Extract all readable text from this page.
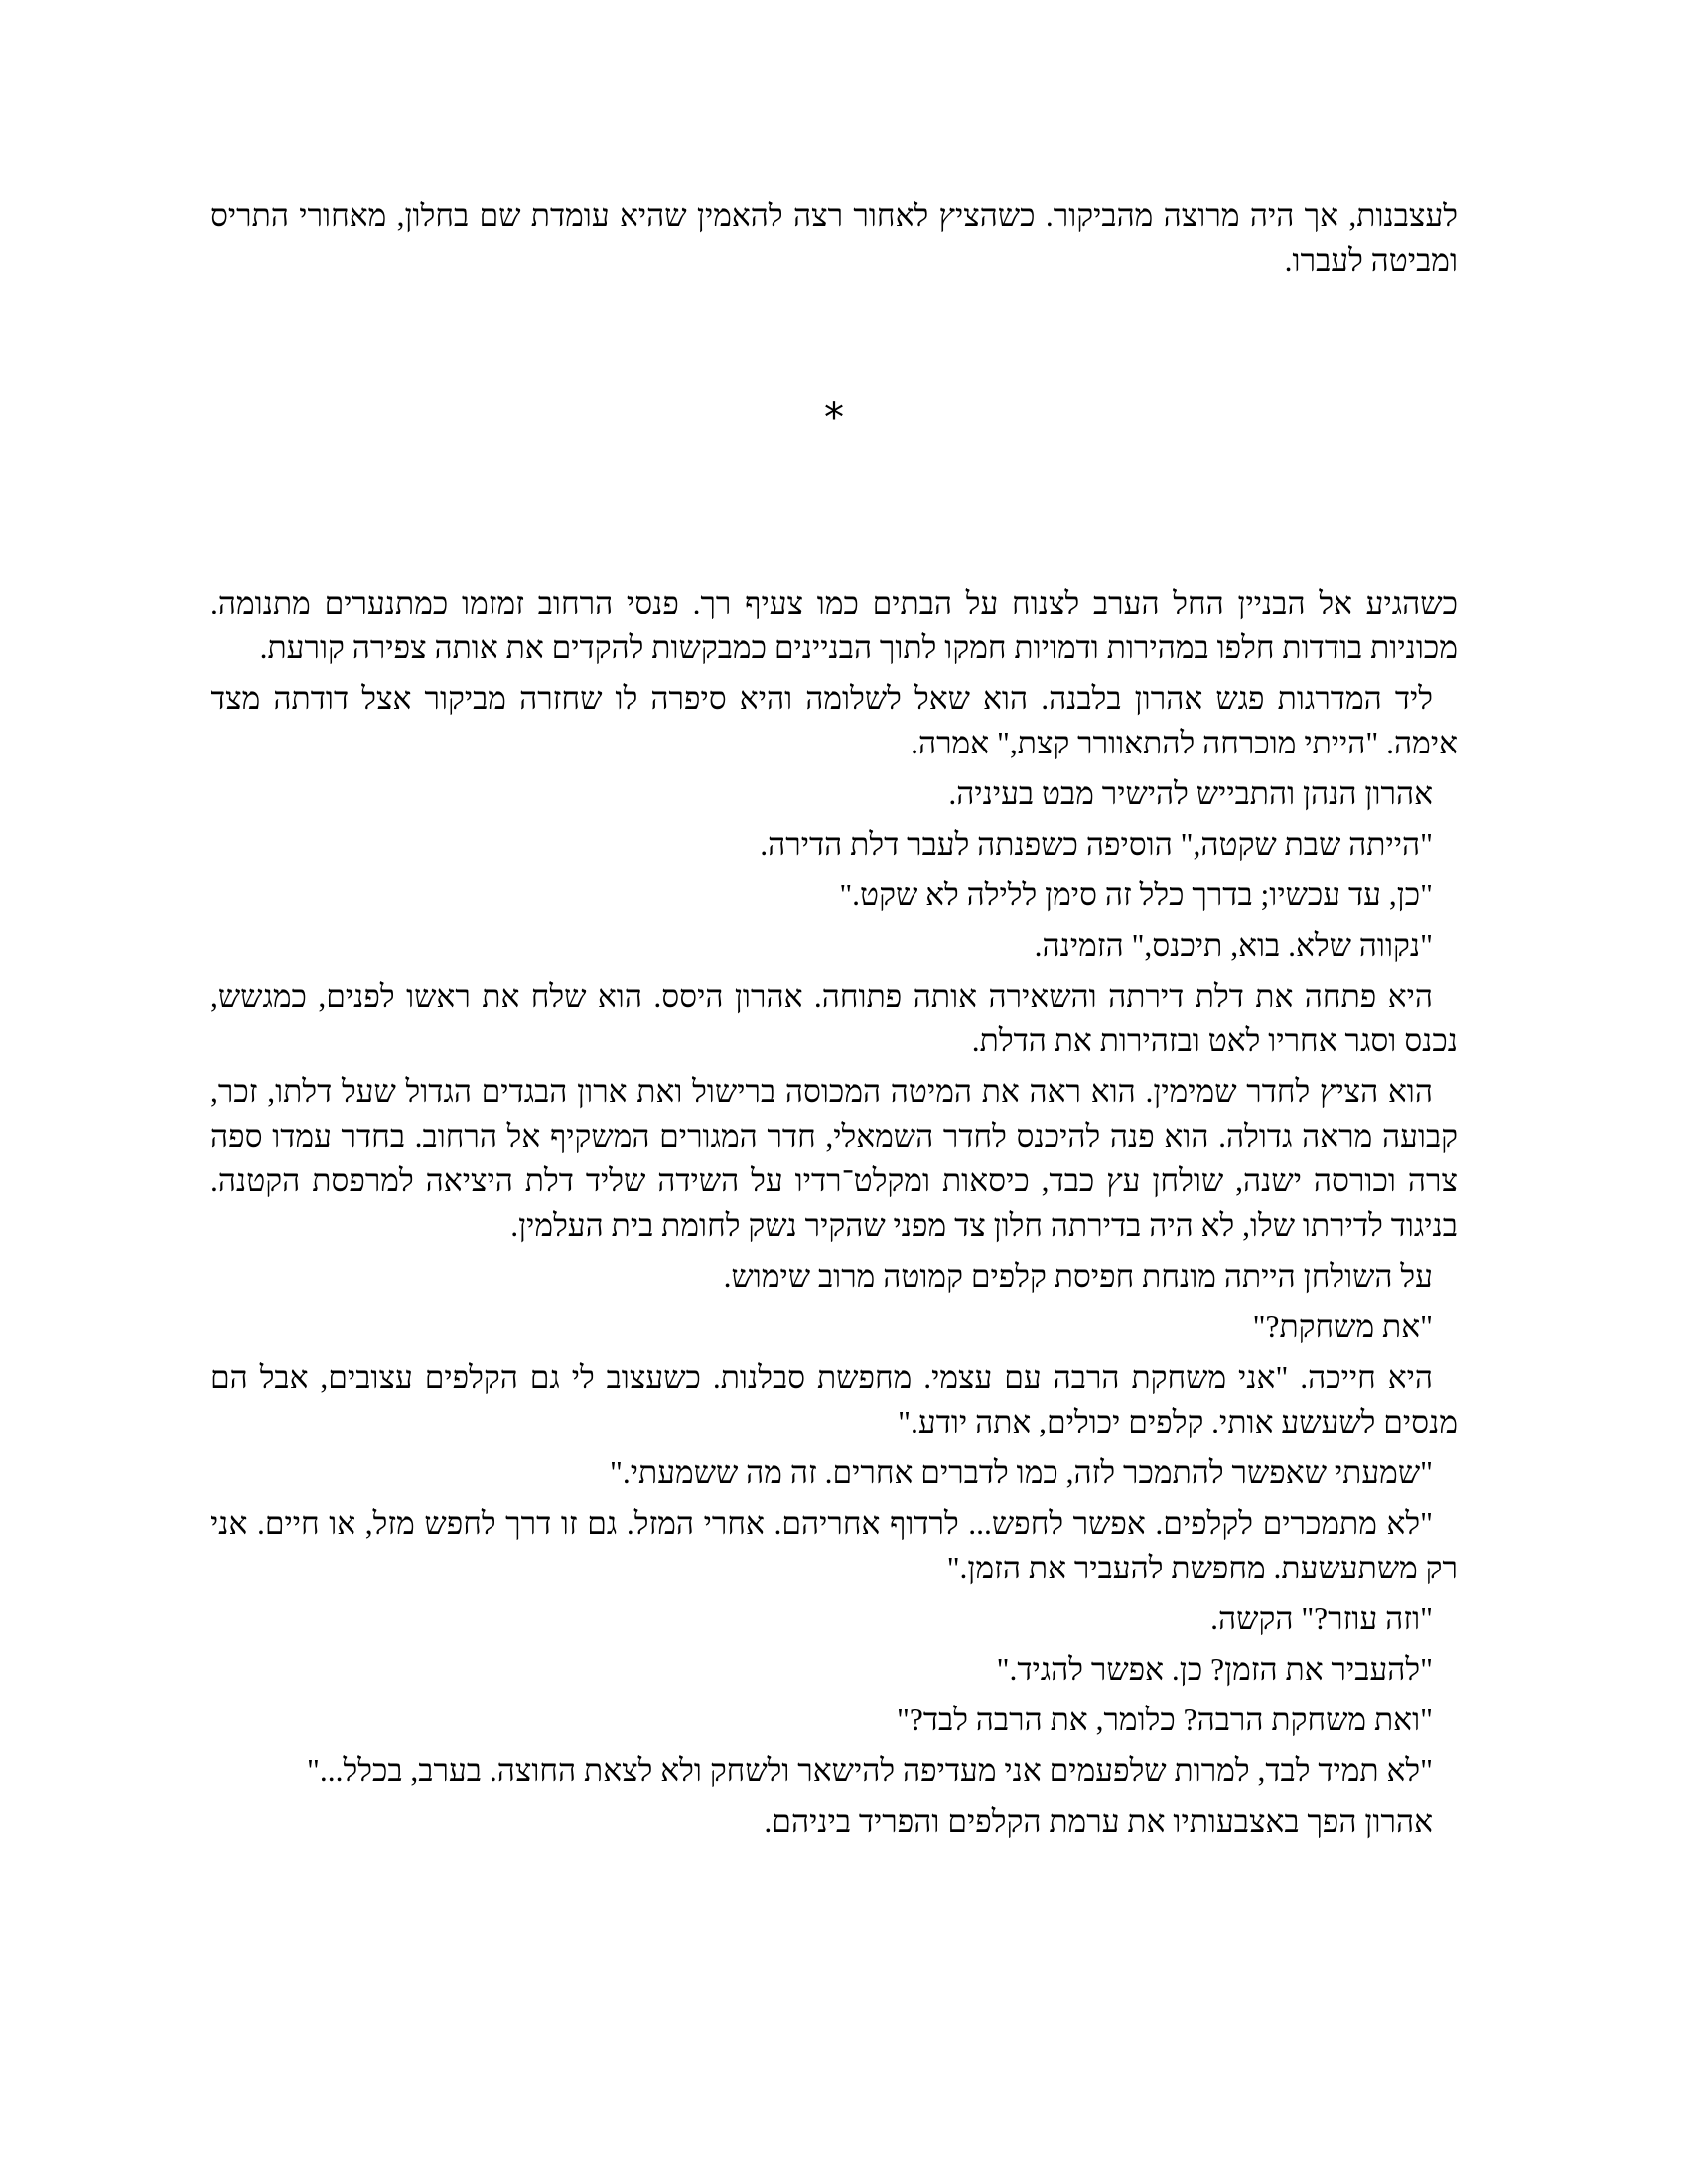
לעצבנות, אך היה מרוצה מהביקור. כשהציץ לאחור רצה להאמין שהיא עומדת שם בחלון, מאחורי התריס ומביטה לעברו.

*

כשהגיע אל הבניין החל הערב לצנוח על הבתים כמו צעיף רך. פנסי הרחוב זמזמו כמתנערים מתנומה. מכוניות בודדות חלפו במהירות ודמויות חמקו לתוך הבניינים כמבקשות להקדים את אותה צפירה קורעת.

ליד המדרגות פגש אהרון בלבנה. הוא שאל לשלומה והיא סיפרה לו שחזרה מביקור אצל דודתה מצד אימה. "הייתי מוכרחה להתאוורר קצת," אמרה.

אהרון הנהן והתבייש להישיר מבט בעיניה.

"הייתה שבת שקטה," הוסיפה כשפנתה לעבר דלת הדירה.

"כן, עד עכשיו; בדרך כלל זה סימן ללילה לא שקט."

"נקווה שלא. בוא, תיכנס," הזמינה.

היא פתחה את דלת דירתה והשאירה אותה פתוחה. אהרון היסס. הוא שלח את ראשו לפנים, כמגשש, נכנס וסגר אחריו לאט ובזהירות את הדלת.

הוא הציץ לחדר שמימין. הוא ראה את המיטה המכוסה ברישול ואת ארון הבגדים הגדול שעל דלתו, זכר, קבועה מראה גדולה. הוא פנה להיכנס לחדר השמאלי, חדר המגורים המשקיף אל הרחוב. בחדר עמדו ספה צרה וכורסה ישנה, שולחן עץ כבד, כיסאות ומקלט־רדיו על השידה שליד דלת היציאה למרפסת הקטנה. בניגוד לדירתו שלו, לא היה בדירתה חלון צד מפני שהקיר נשק לחומת בית העלמין.

על השולחן הייתה מונחת חפיסת קלפים קמוטה מרוב שימוש.

"את משחקת?"

היא חייכה. "אני משחקת הרבה עם עצמי. מחפשת סבלנות. כשעצוב לי גם הקלפים עצובים, אבל הם מנסים לשעשע אותי. קלפים יכולים, אתה יודע."

"שמעתי שאפשר להתמכר לזה, כמו לדברים אחרים. זה מה ששמעתי."

"לא מתמכרים לקלפים. אפשר לחפש... לרדוף אחריהם. אחרי המזל. גם זו דרך לחפש מזל, או חיים. אני רק משתעשעת. מחפשת להעביר את הזמן."

"וזה עוזר?" הקשה.

"להעביר את הזמן? כן. אפשר להגיד."

"ואת משחקת הרבה? כלומר, את הרבה לבד?"

"לא תמיד לבד, למרות שלפעמים אני מעדיפה להישאר ולשחק ולא לצאת החוצה. בערב, בכלל..."

אהרון הפך באצבעותיו את ערמת הקלפים והפריד ביניהם.
